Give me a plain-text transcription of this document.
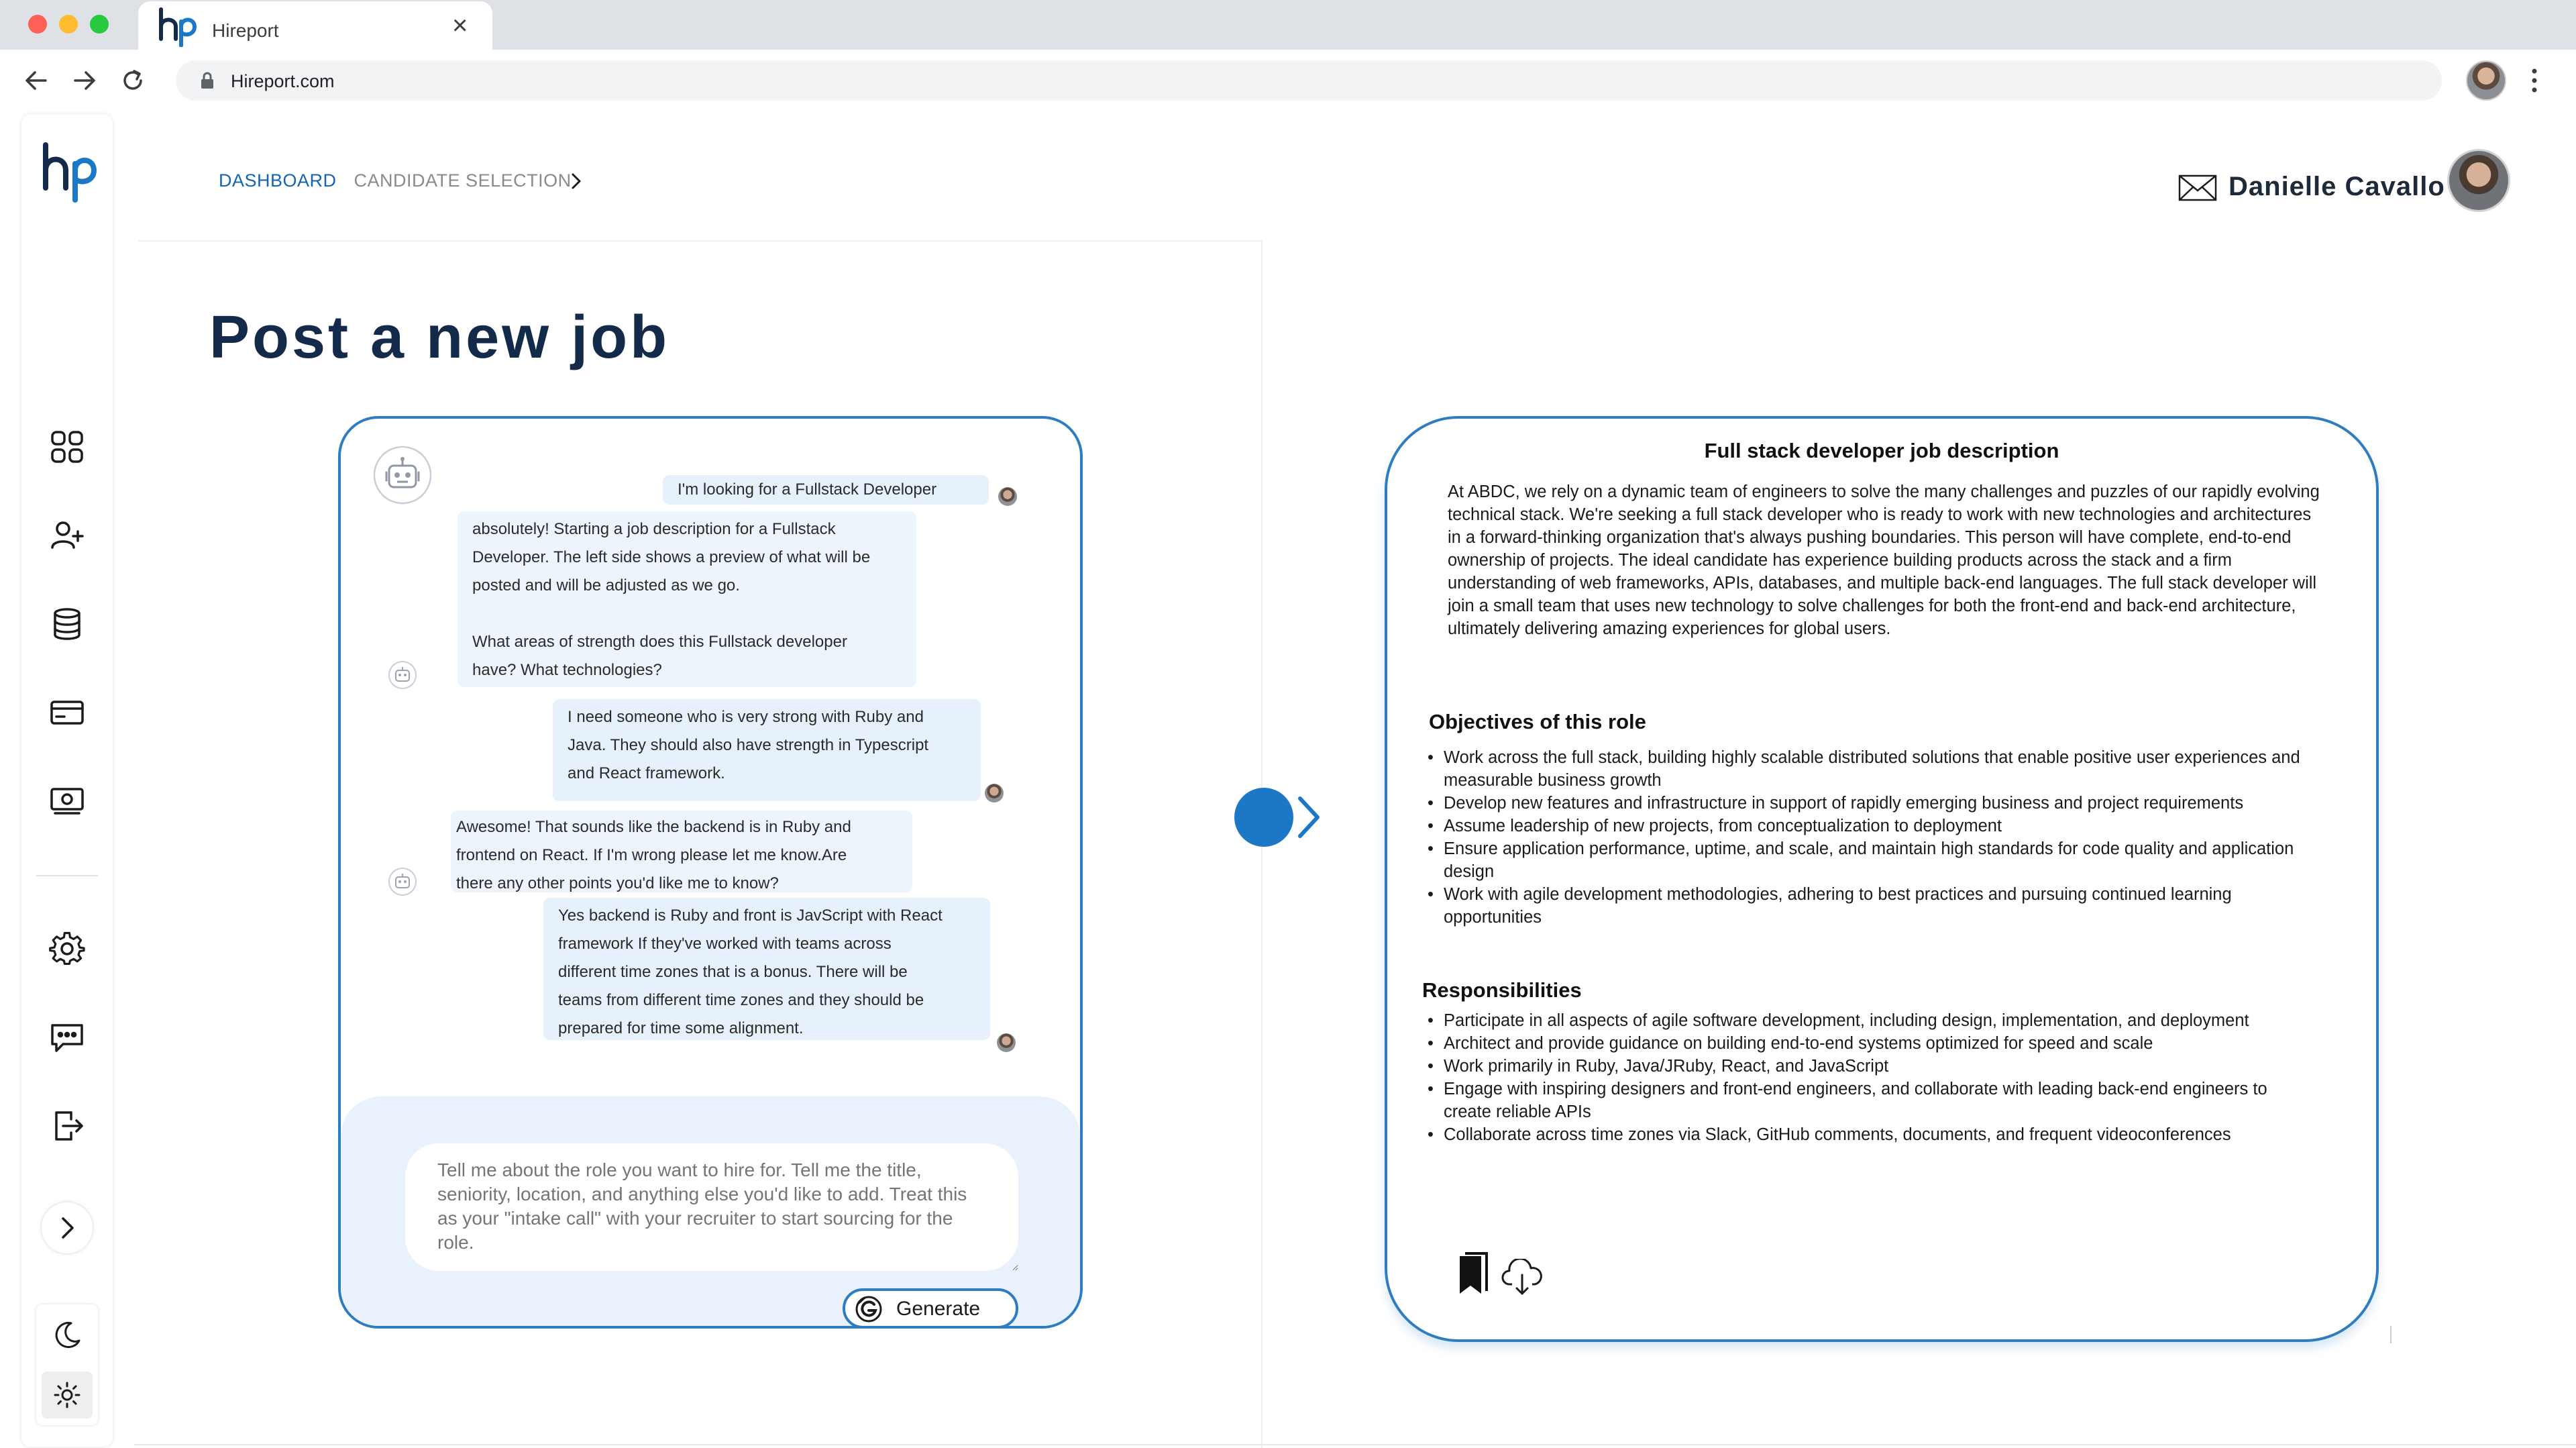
Hireport	×
Hireport.com
DASHBOARD CANDIDATE SELECTION	Danielle Cavallo
Post a new job
I'm looking for a Fullstack Developer
absolutely! Starting a job description for a Fullstack
Developer. The left side shows a preview of what will be
posted and will be adjusted as we go.

What areas of strength does this Fullstack developer
have? What technologies?
I need someone who is very strong with Ruby and
Java. They should also have strength in Typescript
and React framework.
Awesome! That sounds like the backend is in Ruby and
frontend on React. If I'm wrong please let me know.Are
there any other points you'd like me to know?
Yes backend is Ruby and front is JavScript with React
framework If they've worked with teams across
different time zones that is a bonus. There will be
teams from different time zones and they should be
prepared for time some alignment.
Tell me about the role you want to hire for. Tell me the title, seniority, location, and anything else you'd like to add. Treat this as your "intake call" with your recruiter to start sourcing for the role.
Generate
Full stack developer job description

At ABDC, we rely on a dynamic team of engineers to solve the many challenges and puzzles of our rapidly evolving technical stack. We're seeking a full stack developer who is ready to work with new technologies and architectures in a forward-thinking organization that's always pushing boundaries. This person will have complete, end-to-end ownership of projects. The ideal candidate has experience building products across the stack and a firm understanding of web frameworks, APIs, databases, and multiple back-end languages. The full stack developer will join a small team that uses new technology to solve challenges for both the front-end and back-end architecture, ultimately delivering amazing experiences for global users.

Objectives of this role
• Work across the full stack, building highly scalable distributed solutions that enable positive user experiences and measurable business growth
• Develop new features and infrastructure in support of rapidly emerging business and project requirements
• Assume leadership of new projects, from conceptualization to deployment
• Ensure application performance, uptime, and scale, and maintain high standards for code quality and application design
• Work with agile development methodologies, adhering to best practices and pursuing continued learning opportunities
Responsibilities
• Participate in all aspects of agile software development, including design, implementation, and deployment
• Architect and provide guidance on building end-to-end systems optimized for speed and scale
• Work primarily in Ruby, Java/JRuby, React, and JavaScript
• Engage with inspiring designers and front-end engineers, and collaborate with leading back-end engineers to create reliable APIs
• Collaborate across time zones via Slack, GitHub comments, documents, and frequent videoconferences
